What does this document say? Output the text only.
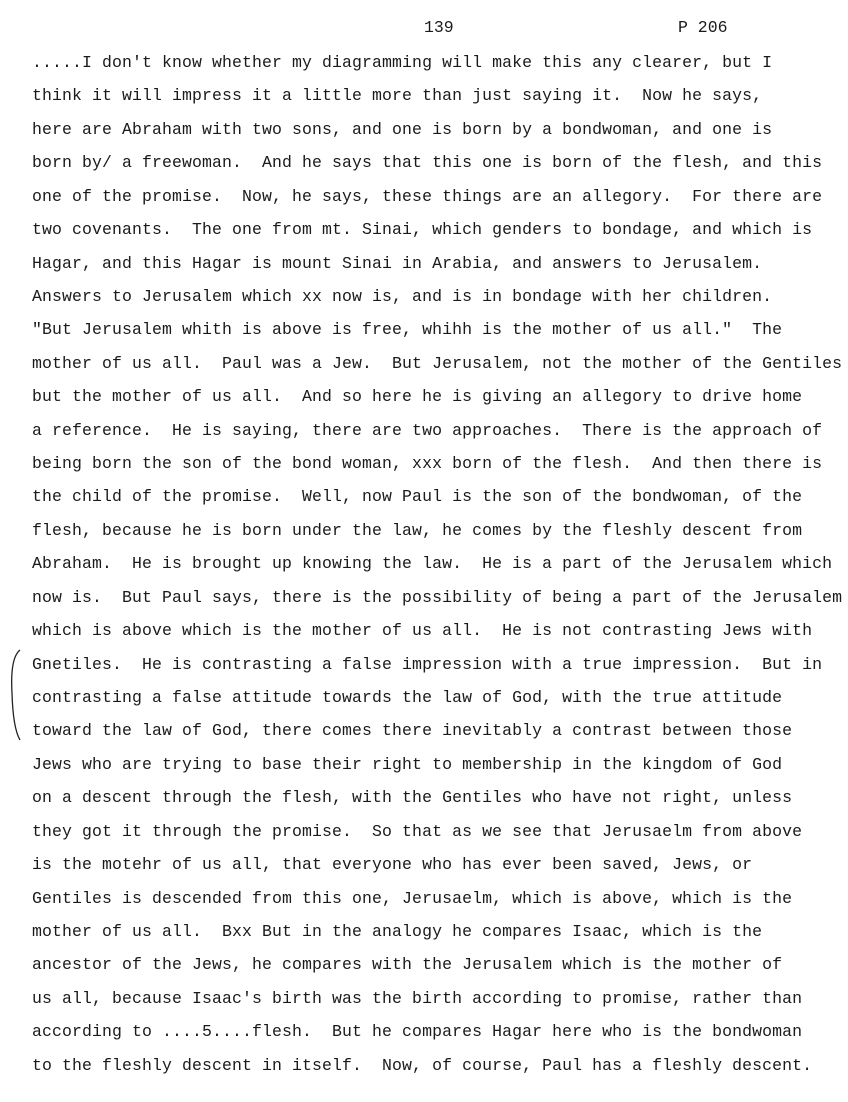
139	P 206
.....I don't know whether my diagramming will make this any clearer, but I
think it will impress it a little more than just saying it.  Now he says,
here are Abraham with two sons, and one is born by a bondwoman, and one is
born by/ a freewoman.  And he says that this one is born of the flesh, and this
one of the promise.  Now, he says, these things are an allegory.  For there are
two covenants.  The one from mt. Sinai, which genders to bondage, and which is
Hagar, and this Hagar is mount Sinai in Arabia, and answers to Jerusalem.
Answers to Jerusalem which xx now is, and is in bondage with her children.
"But Jerusalem whith is above is free, whihh is the mother of us all."  The
mother of us all.  Paul was a Jew.  But Jerusalem, not the mother of the Gentiles
but the mother of us all.  And so here he is giving an allegory to drive home
a reference.  He is saying, there are two approaches.  There is the approach of
being born the son of the bond woman, xxx born of the flesh.  And then there is
the child of the promise.  Well, now Paul is the son of the bondwoman, of the
flesh, because he is born under the law, he comes by the fleshly descent from
Abraham.  He is brought up knowing the law.  He is a part of the Jerusalem which
now is.  But Paul says, there is the possibility of being a part of the Jerusalem
which is above which is the mother of us all.  He is not contrasting Jews with
Gnetiles.  He is contrasting a false impression with a true impression.  But in
contrasting a false attitude towards the law of God, with the true attitude
toward the law of God, there comes there inevitably a contrast between those
Jews who are trying to base their right to membership in the kingdom of God
on a descent through the flesh, with the Gentiles who have not right, unless
they got it through the promise.  So that as we see that Jerusaelm from above
is the motehr of us all, that everyone who has ever been saved, Jews, or
Gentiles is descended from this one, Jerusaelm, which is above, which is the
mother of us all.  Bxx But in the analogy he compares Isaac, which is the
ancestor of the Jews, he compares with the Jerusalem which is the mother of
us all, because Isaac's birth was the birth according to promise, rather than
according to ....5....flesh.  But he compares Hagar here who is the bondwoman
to the fleshly descent in itself.  Now, of course, Paul has a fleshly descent.
